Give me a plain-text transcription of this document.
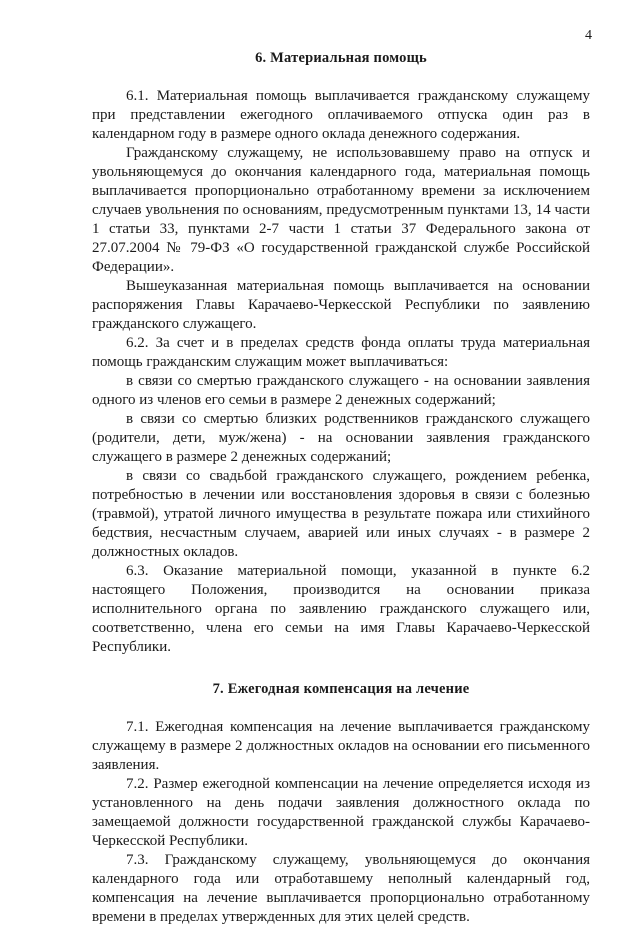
4
6. Материальная помощь

6.1. Материальная помощь выплачивается гражданскому служащему при представлении ежегодного оплачиваемого отпуска один раз в календарном году в размере одного оклада денежного содержания.

Гражданскому служащему, не использовавшему право на отпуск и увольняющемуся до окончания календарного года, материальная помощь выплачивается пропорционально отработанному времени за исключением случаев увольнения по основаниям, предусмотренным пунктами 13, 14 части 1 статьи 33, пунктами 2-7 части 1 статьи 37 Федерального закона от 27.07.2004 № 79-ФЗ «О государственной гражданской службе Российской Федерации».

Вышеуказанная материальная помощь выплачивается на основании распоряжения Главы Карачаево-Черкесской Республики по заявлению гражданского служащего.

6.2. За счет и в пределах средств фонда оплаты труда материальная помощь гражданским служащим может выплачиваться:

в связи со смертью гражданского служащего - на основании заявления одного из членов его семьи в размере 2 денежных содержаний;

в связи со смертью близких родственников гражданского служащего (родители, дети, муж/жена) - на основании заявления гражданского служащего в размере 2 денежных содержаний;

в связи со свадьбой гражданского служащего, рождением ребенка, потребностью в лечении или восстановления здоровья в связи с болезнью (травмой), утратой личного имущества в результате пожара или стихийного бедствия, несчастным случаем, аварией или иных случаях - в размере 2 должностных окладов.

6.3. Оказание материальной помощи, указанной в пункте 6.2 настоящего Положения, производится на основании приказа исполнительного органа по заявлению гражданского служащего или, соответственно, члена его семьи на имя Главы Карачаево-Черкесской Республики.

7. Ежегодная компенсация на лечение

7.1. Ежегодная компенсация на лечение выплачивается гражданскому служащему в размере 2 должностных окладов на основании его письменного заявления.

7.2. Размер ежегодной компенсации на лечение определяется исходя из установленного на день подачи заявления должностного оклада по замещаемой должности государственной гражданской службы Карачаево-Черкесской Республики.

7.3. Гражданскому служащему, увольняющемуся до окончания календарного года или отработавшему неполный календарный год, компенсация на лечение выплачивается пропорционально отработанному времени в пределах утвержденных для этих целей средств.
